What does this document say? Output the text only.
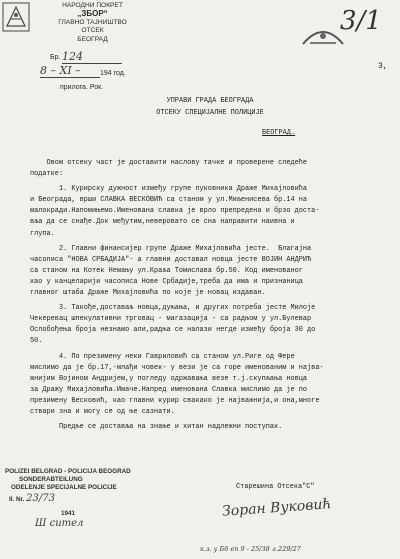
НАРОДНИ ПОКРЕТ
„ЗБОР“
ГЛАВНО ТАЈНИШТВО
ОТСЕК
БЕОГРАД
Бр. 124
8 – XI –	194 год.
прилога. Рок.
3/1
3,
УПРАВИ ГРАДА БЕОГРАДА
ОТСЕКУ СПЕЦИЈАЛНЕ ПОЛИЦИЈЕ
БЕОГРАД.
Овом отсеку част је доставити наслову тачке и проверене следеће
податкe:
1. Курирску дужност између групе пуковника Драже Михајловића
и Београда, врши СЛАВКА ВЕСКОВИЋ са станом у ул.Миљенисева бр.14 на
малокради.Напомињемо.Именована славка је врло препредена и брзо доста-
вља да се снађе.Док међутим,неверовато се сна направити наивна и
глупа.
2. Главни финансиjер групе Драже Михаjловића jеcте.  Благајна
часописа "НОВА СРБАДИЈА"- а главни доставал новца јесте ВОЈИН АНДРИЋ
са станом на Котек Немању ул.Краља Томислава бр.50. Код именованог
као у канцеларији часописа Нове Србадије,треба да има и признаница
главног штаба Драже Михајловића по које је новац издаван.
3. Такође,доставаљ новца,дуњања, и других потреба јесте Милоје
Чекеревац шпекулативни трговац - магазација - са радњом у ул.Булевар
Ослобођења броја незнамо али,радња се налази негде између броја 30 до
50.
4. По презимену неки Гавриловић са станом ул.Риге од Фере
мислимо да је бр.17,-млађи човек- у вези је са горе именованим и најва-
жнијим Војином Андријем,у погледу одржавања везе т.ј.скупљања новца
за Дражу Михајловића.Имаче.Напред именована Славка мислимо да је по
презимену Весковић, као главни курир свакако је најважнија,и она,многе
ствари зна и могу се од ње сазнати.
Предње се доставља на знање и хитан надлежни поступак.
Старешина Отсека"С"
Зоран Вуковић
POLIZEI BELGRAD - POLICIJA BEOGRAD
SONDERABTEILUNG
ODELENJE SPECIJALNE POLICIJE
II. Nr. 23/73
1941
Ш сител
к.з. у Б6 en 9 - 25/38 л.229/27
